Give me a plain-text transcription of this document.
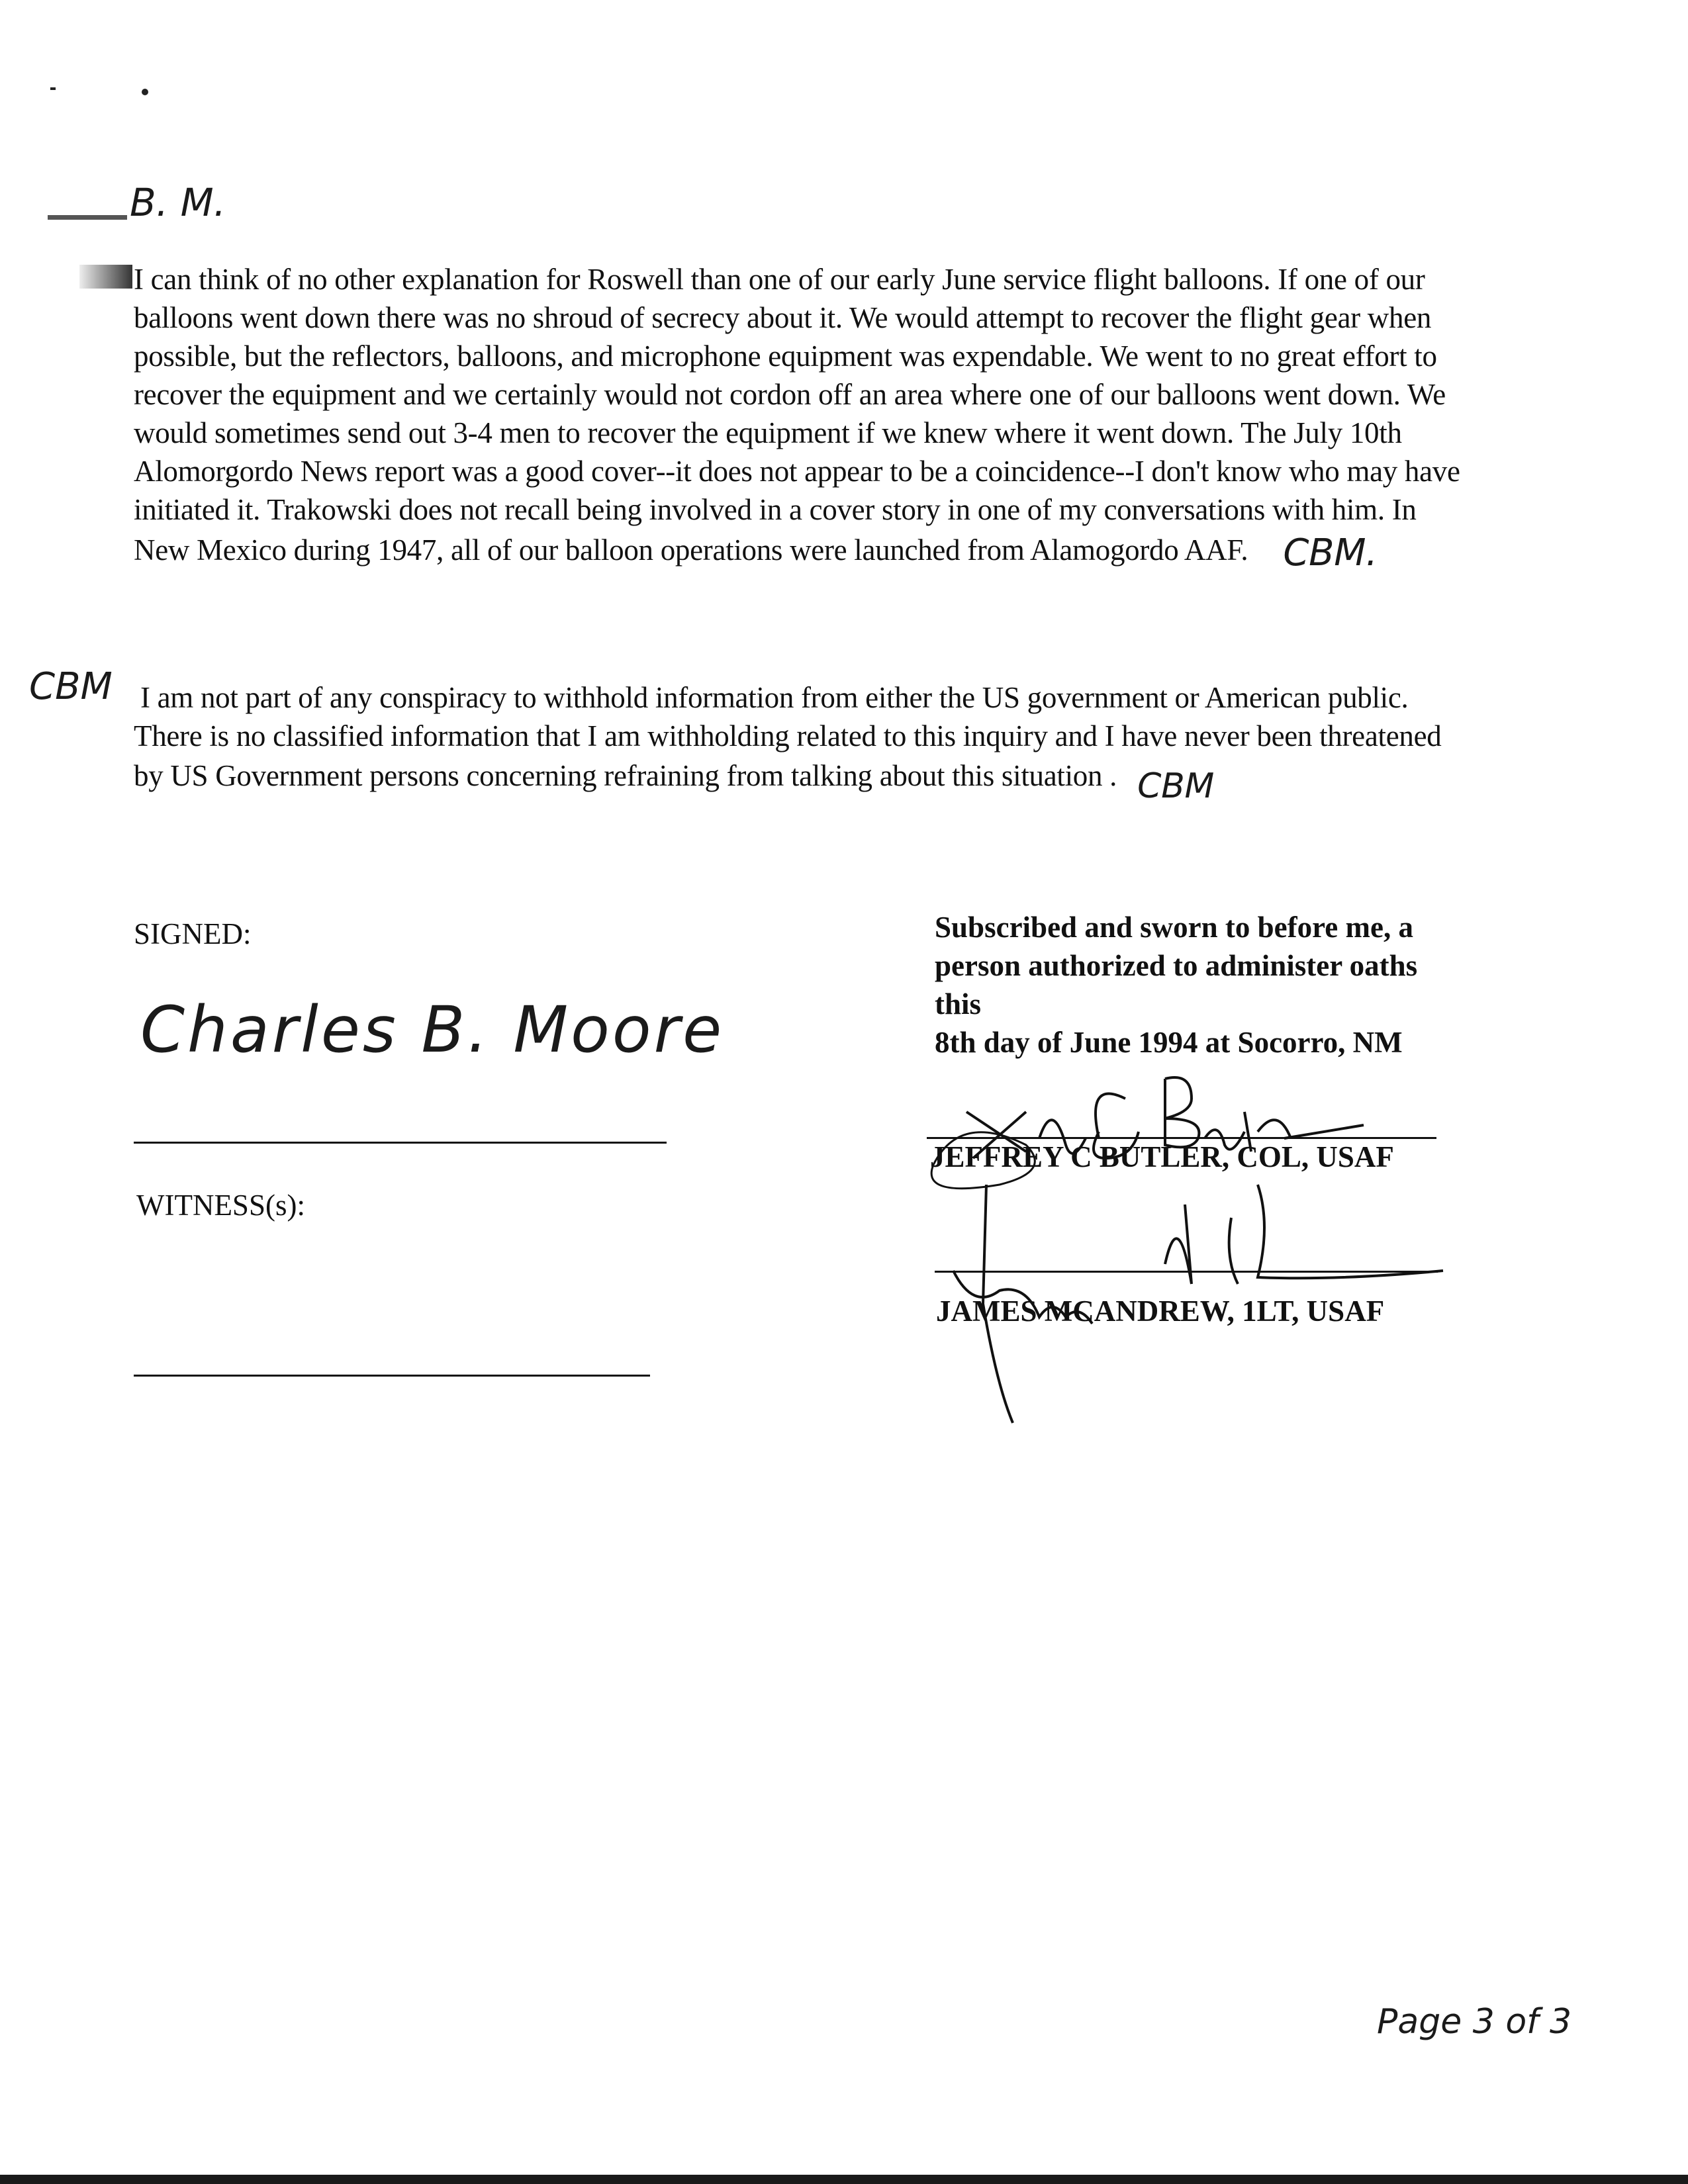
B. M.

I can think of no other explanation for Roswell than one of our early June service flight balloons. If one of our balloons went down there was no shroud of secrecy about it. We would attempt to recover the flight gear when possible, but the reflectors, balloons, and microphone equipment was expendable. We went to no great effort to recover the equipment and we certainly would not cordon off an area where one of our balloons went down. We would sometimes send out 3-4 men to recover the equipment if we knew where it went down. The July 10th Alomorgordo News report was a good cover--it does not appear to be a coincidence--I don't know who may have initiated it. Trakowski does not recall being involved in a cover story in one of my conversations with him. In New Mexico during 1947, all of our balloon operations were launched from Alamogordo AAF. CBM.

CBM I am not part of any conspiracy to withhold information from either the US government or American public. There is no classified information that I am withholding related to this inquiry and I have never been threatened by US Government persons concerning refraining from talking about this situation . CBM

SIGNED:
Charles B. Moore
WITNESS(s):
Subscribed and sworn to before me, a
person authorized to administer oaths
this
8th day of June 1994 at Socorro, NM
JEFFREY C BUTLER, COL, USAF
JAMES MCANDREW, 1LT, USAF
Page 3 of 3
